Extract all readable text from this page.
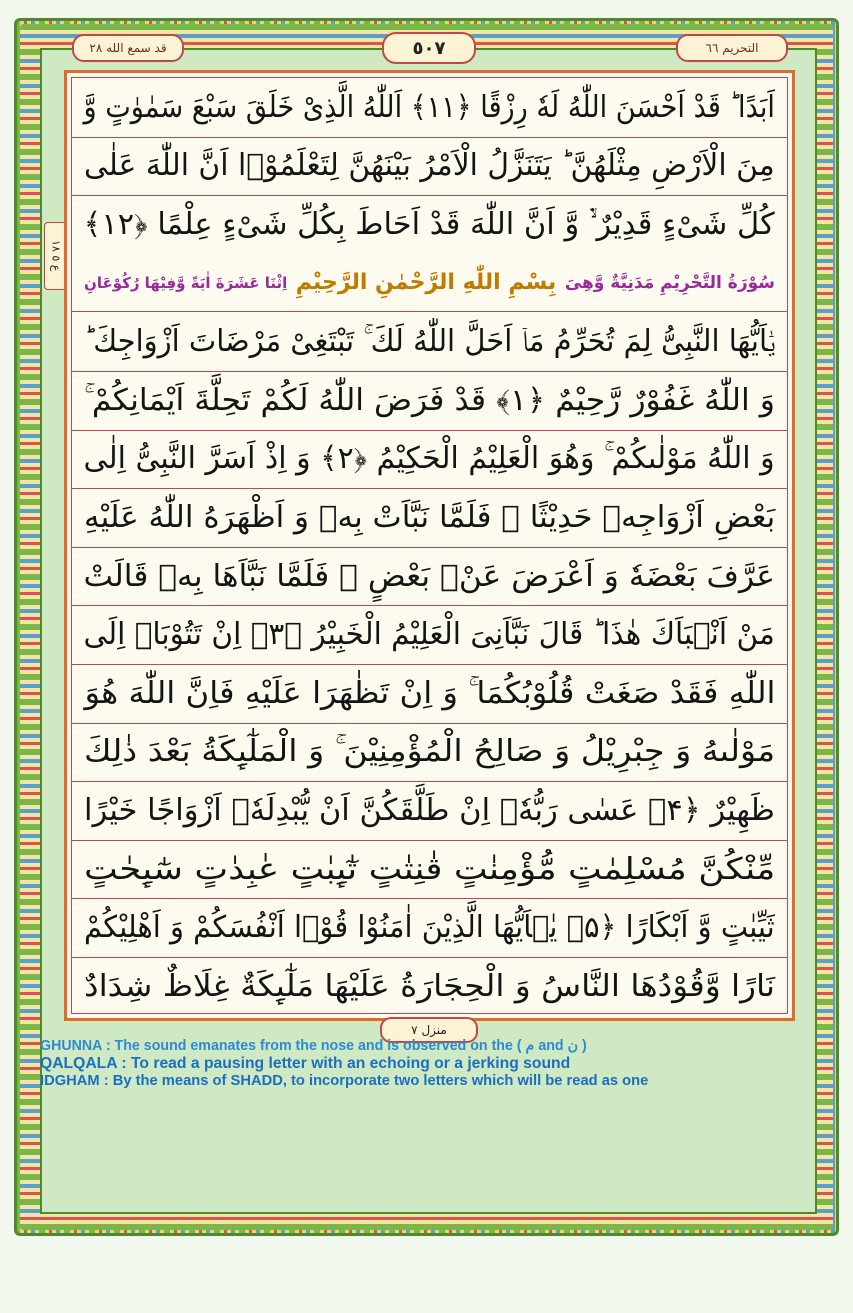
التحريم ٦٦
٥٠٧
قد سمع الله ٢٨
ع ٥ ١٨
اَبَدًا ؕ قَدْ اَحْسَنَ اللّٰهُ لَهٗ رِزْقًا ﴿۱۱﴾ اَللّٰهُ الَّذِیْ خَلَقَ سَبْعَ سَمٰوٰتٍ وَّ
مِنَ الْاَرْضِ مِثْلَهُنَّ ؕ یَتَنَزَّلُ الْاَمْرُ بَیْنَهُنَّ لِتَعْلَمُوْۤا اَنَّ اللّٰهَ عَلٰی
كُلِّ شَیْءٍ قَدِیْرٌ ۙ۬ وَّ اَنَّ اللّٰهَ قَدْ اَحَاطَ بِكُلِّ شَیْءٍ عِلْمًا ﴿۱۲﴾
سُوْرَةُ التَّحْرِیْمِ مَدَنِیَّةٌ وَّھِیَ
بِسْمِ اللّٰهِ الرَّحْمٰنِ الرَّحِیْمِ
اِثْنَا عَشَرَةَ اٰیَةً وَّفِیْهَا رُكُوْعَانِ
یٰۤاَیُّهَا النَّبِیُّ لِمَ تُحَرِّمُ مَاۤ اَحَلَّ اللّٰهُ لَكَ ۚ تَبْتَغِیْ مَرْضَاتَ اَزْوَاجِكَ ؕ
وَ اللّٰهُ غَفُوْرٌ رَّحِیْمٌ ﴿۱﴾ قَدْ فَرَضَ اللّٰهُ لَكُمْ تَحِلَّةَ اَیْمَانِكُمْ ۚ
وَ اللّٰهُ مَوْلٰىكُمْ ۚ وَهُوَ الْعَلِیْمُ الْحَكِیْمُ ﴿۲﴾ وَ اِذْ اَسَرَّ النَّبِیُّ اِلٰی
بَعْضِ اَزْوَاجِهٖ حَدِیْثًا ۚ فَلَمَّا نَبَّاَتْ بِهٖ وَ اَظْهَرَهُ اللّٰهُ عَلَیْهِ
عَرَّفَ بَعْضَهٗ وَ اَعْرَضَ عَنْۢ بَعْضٍ ۚ فَلَمَّا نَبَّاَهَا بِهٖ قَالَتْ
مَنْ اَنْۢبَاَكَ هٰذَا ؕ قَالَ نَبَّاَنِیَ الْعَلِیْمُ الْخَبِیْرُ ﴿۳﴾ اِنْ تَتُوْبَاۤ اِلَی
اللّٰهِ فَقَدْ صَغَتْ قُلُوْبُكُمَا ۚ وَ اِنْ تَظٰهَرَا عَلَیْهِ فَاِنَّ اللّٰهَ هُوَ
مَوْلٰىهُ وَ جِبْرِیْلُ وَ صَالِحُ الْمُؤْمِنِیْنَ ۚ وَ الْمَلٰٓىِٕكَةُ بَعْدَ ذٰلِكَ
ظَهِیْرٌ ﴿۴﴾ عَسٰی رَبُّهٗۤ اِنْ طَلَّقَكُنَّ اَنْ یُّبْدِلَهٗۤ اَزْوَاجًا خَیْرًا
مِّنْكُنَّ مُسْلِمٰتٍ مُّؤْمِنٰتٍ قٰنِتٰتٍ تٰٓىِٕبٰتٍ عٰبِدٰتٍ سٰٓىِٕحٰتٍ
ثَیِّبٰتٍ وَّ اَبْكَارًا ﴿۵﴾ یٰۤاَیُّهَا الَّذِیْنَ اٰمَنُوْا قُوْۤا اَنْفُسَكُمْ وَ اَهْلِیْكُمْ
نَارًا وَّقُوْدُهَا النَّاسُ وَ الْحِجَارَةُ عَلَیْهَا مَلٰٓىِٕكَةٌ غِلَاظٌ شِدَادٌ
منزل ٧
GHUNNA : The sound emanates from the nose and is observed on the ( م and ن )
QALQALA : To read a pausing letter with an echoing or a jerking sound
IDGHAM : By the means of SHADD, to incorporate two letters which will be read as one
